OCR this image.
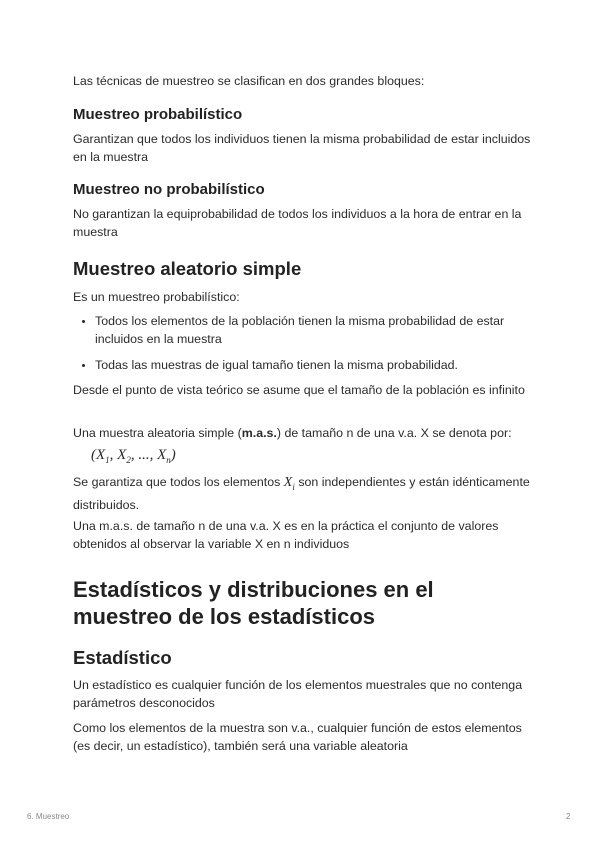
Las técnicas de muestreo se clasifican en dos grandes bloques:

Muestreo probabilístico

Garantizan que todos los individuos tienen la misma probabilidad de estar incluidos en la muestra

Muestreo no probabilístico

No garantizan la equiprobabilidad de todos los individuos a la hora de entrar en la muestra

Muestreo aleatorio simple

Es un muestreo probabilístico:

• Todos los elementos de la población tienen la misma probabilidad de estar incluidos en la muestra
• Todas las muestras de igual tamaño tienen la misma probabilidad.

Desde el punto de vista teórico se asume que el tamaño de la población es infinito

Una muestra aleatoria simple (m.a.s.) de tamaño n de una v.a. X se denota por:

($X_1$, $X_2$, ..., $X_n$)

Se garantiza que todos los elementos $X_i$ son independientes y están idénticamente distribuidos.

Una m.a.s. de tamaño n de una v.a. X es en la práctica el conjunto de valores obtenidos al observar la variable X en n individuos

Estadísticos y distribuciones en el muestreo de los estadísticos
Estadístico

Un estadístico es cualquier función de los elementos muestrales que no contenga parámetros desconocidos

Como los elementos de la muestra son v.a., cualquier función de estos elementos (es decir, un estadístico), también será una variable aleatoria

6. Muestreo	2
